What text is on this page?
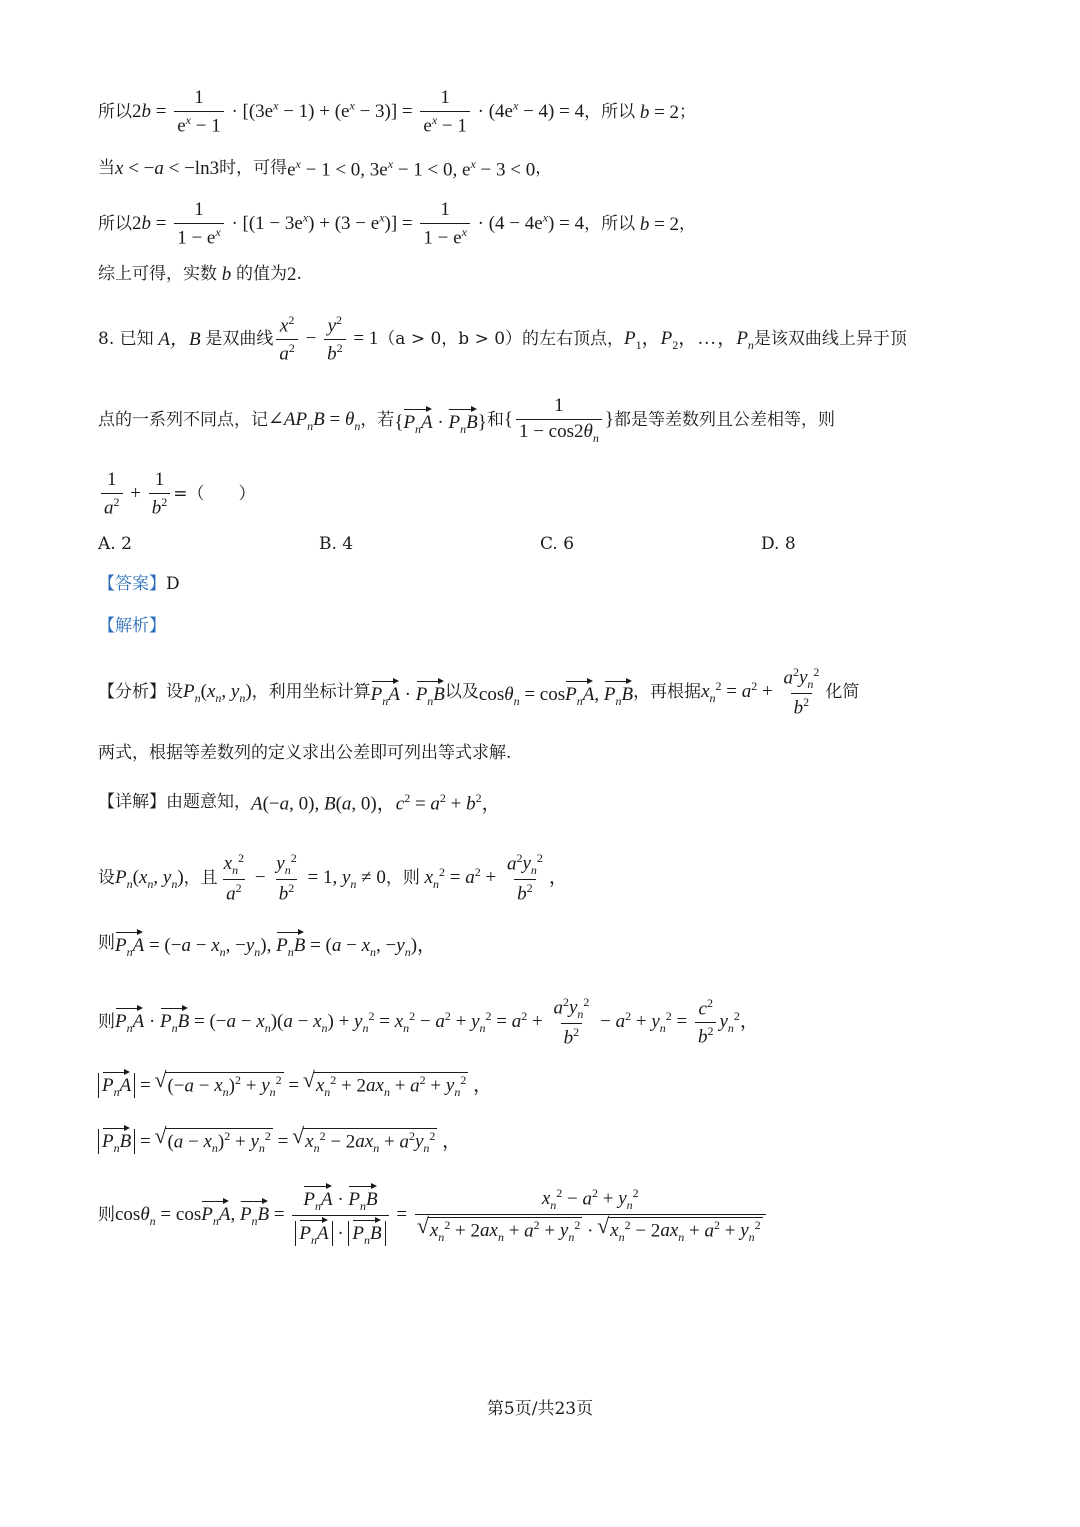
所以 $2b = \frac{1}{e^x - 1} \cdot [(3e^x - 1) + (e^x - 3)] = \frac{1}{e^x - 1} \cdot (4e^x - 4) = 4$ ，所以 b = 2 ；
当 x < −a < −ln3 时，可得 $e^x - 1 < 0$, $3e^x - 1 < 0$, $e^x - 3 < 0$ ，
所以 $2b = \frac{1}{1 - e^x} \cdot [(1 - 3e^x) + (3 - e^x)] = \frac{1}{1 - e^x} \cdot (4 - 4e^x) = 4$ ，所以 b = 2 ，
综上可得，实数 b 的值为 2 .
8. 已知 A，B 是双曲线 $\frac{x^2}{a^2} - \frac{y^2}{b^2} = 1$ （a > 0，b > 0）的左右顶点， $P_1$，$P_2$，…，$P_n$ 是该双曲线上异于顶
点的一系列不同点，记 $\angle AP_nB = \theta_n$ ，若 $\{P_nA \cdot P_nB\}$ 和 { $\frac{1}{1 - \cos 2\theta_n}$ } 都是等差数列且公差相等，则
$\frac{1}{a^2} + \frac{1}{b^2}$ =（　　）
A. 2	B. 4	C. 6	D. 8
【答案】 D
【解析】
【分析】 设 $P_n(x_n$, $y_n$) ，利用坐标计算 $P_nA \cdot P_nB$ 以及 cosθ$_n$ = cosP$_n$A, $P_nB$ ，再根据 $x_n^2 = a^2 + \frac{a^2y_n^2}{b^2}$ 化简
两式，根据等差数列的定义求出公差即可列出等式求解.
【详解】 由题意知， A(−a, 0), B(a, 0)，$c^2 = a^2 + b^2$，
设 $P_n(x_n$, $y_n$) ，且 $\frac{x_n^2}{a^2} - \frac{y_n^2}{b^2} = 1$, $y_n \ne 0$ ，则 $x_n^2 = a^2 + \frac{a^2y_n^2}{b^2}$ ，
则 $P_nA = (-a - x_n$, $-y_n$), $P_nB = (a - x_n$, $-y_n$)，
则 $P_nA \cdot P_nB = (-a - x_n)(a - x_n) + y_n^2 = x_n^2 - a^2 + y_n^2 = a^2 + \frac{a^2y_n^2}{b^2} - a^2 + y_n^2 = \frac{c^2}{b^2} y_n^2$，
$P_nA$ = √ $(-a - x_n)^2 + y_n^2$ = √ $x_n^2 + 2ax_n + a^2 + y_n^2$ ，
$P_nB$ = √ $(a - x_n)^2 + y_n^2$ = √ $x_n^2 - 2ax_n + a^2y_n^2$ ，
则 cosθ$_n$ = cosP$_n$A, $P_nB = \frac{P_nA \cdot P_nB}{P_nA \cdot P_nB} = x_n^2 - a^2 + y_n^2$
√ $x_n^2 + 2ax_n + a^2 + y_n^2$ · √ $x_n^2 - 2ax_n + a^2 + y_n^2$
第5页/共23页
